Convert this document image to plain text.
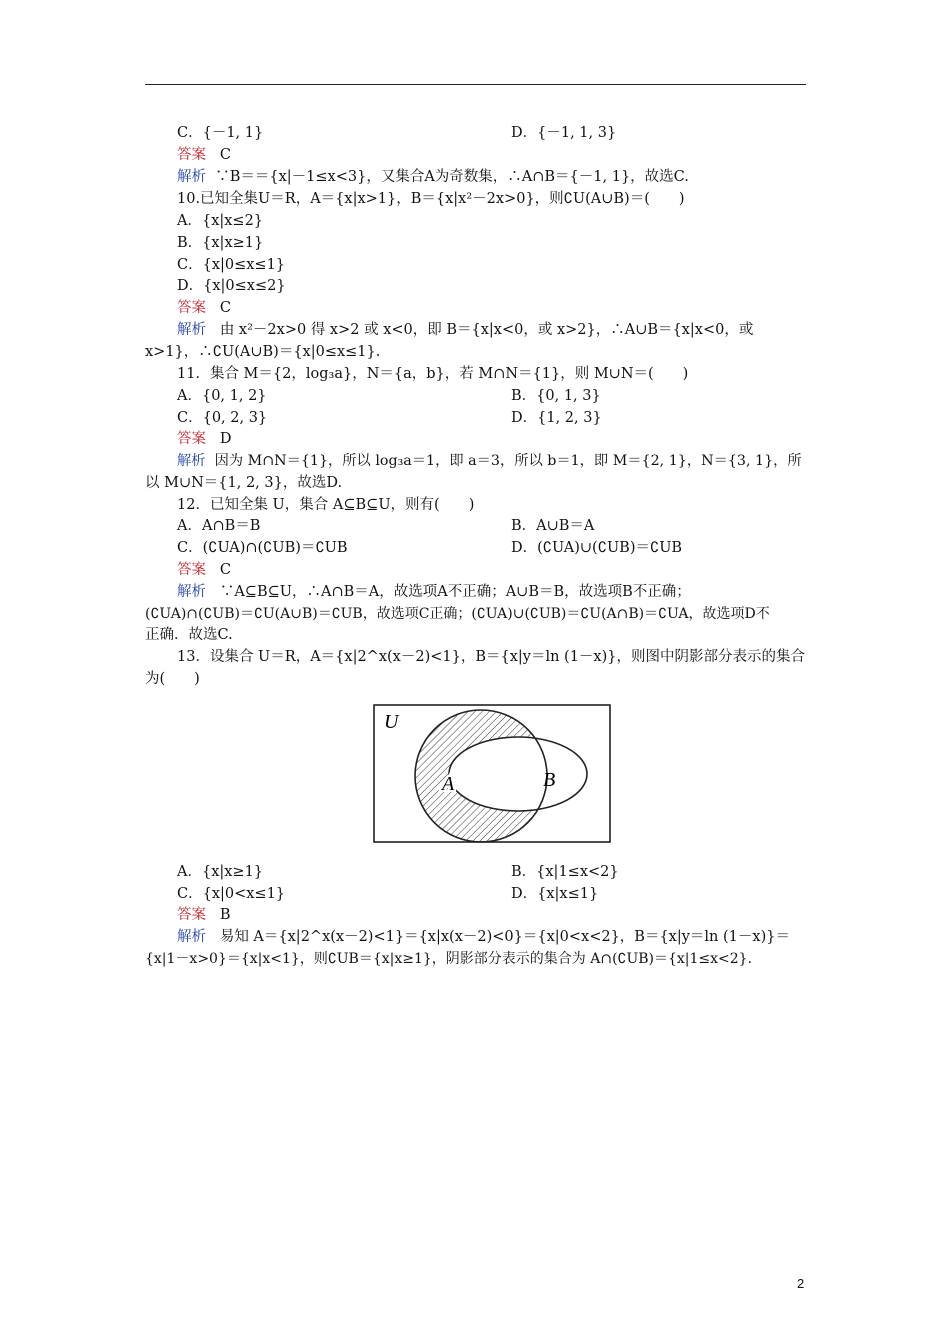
C．{－1, 1}	D．{－1, 1, 3}
答案 C
解析 ∵B＝＝{x|－1≤x<3}，又集合A为奇数集，∴A∩B＝{－1, 1}，故选C.
10.已知全集U＝R，A＝{x|x>1}，B＝{x|x²－2x>0}，则∁U(A∪B)＝(　　)
A．{x|x≤2}
B．{x|x≥1}
C．{x|0≤x≤1}
D．{x|0≤x≤2}
答案 C
解析 由 x²－2x>0 得 x>2 或 x<0，即 B＝{x|x<0，或 x>2}，∴A∪B＝{x|x<0，或
x>1}，∴∁U(A∪B)＝{x|0≤x≤1}.
11．集合 M＝{2，log₃a}，N＝{a，b}，若 M∩N＝{1}，则 M∪N＝(　　)
A．{0, 1, 2}	B．{0, 1, 3}
C．{0, 2, 3}	D．{1, 2, 3}
答案 D
解析 因为 M∩N＝{1}，所以 log₃a＝1，即 a＝3，所以 b＝1，即 M＝{2, 1}，N＝{3, 1}，所
以 M∪N＝{1, 2, 3}，故选D.
12．已知全集 U，集合 A⊆B⊆U，则有(　　)
A．A∩B＝B	B．A∪B＝A
C．(∁UA)∩(∁UB)＝∁UB	D．(∁UA)∪(∁UB)＝∁UB
答案 C
解析 ∵A⊆B⊆U，∴A∩B＝A，故选项A不正确；A∪B＝B，故选项B不正确；
(∁UA)∩(∁UB)＝∁U(A∪B)＝∁UB，故选项C正确；(∁UA)∪(∁UB)＝∁U(A∩B)＝∁UA，故选项D不
正确．故选C.
13．设集合 U＝R，A＝{x|2^x(x－2)<1}，B＝{x|y＝ln (1－x)}，则图中阴影部分表示的集合
为(　　)
U
A	B
A．{x|x≥1}	B．{x|1≤x<2}
C．{x|0<x≤1}	D．{x|x≤1}
答案 B
解析 易知 A＝{x|2^x(x－2)<1}＝{x|x(x－2)<0}＝{x|0<x<2}，B＝{x|y＝ln (1－x)}＝
{x|1－x>0}＝{x|x<1}，则∁UB＝{x|x≥1}，阴影部分表示的集合为 A∩(∁UB)＝{x|1≤x<2}.
2
